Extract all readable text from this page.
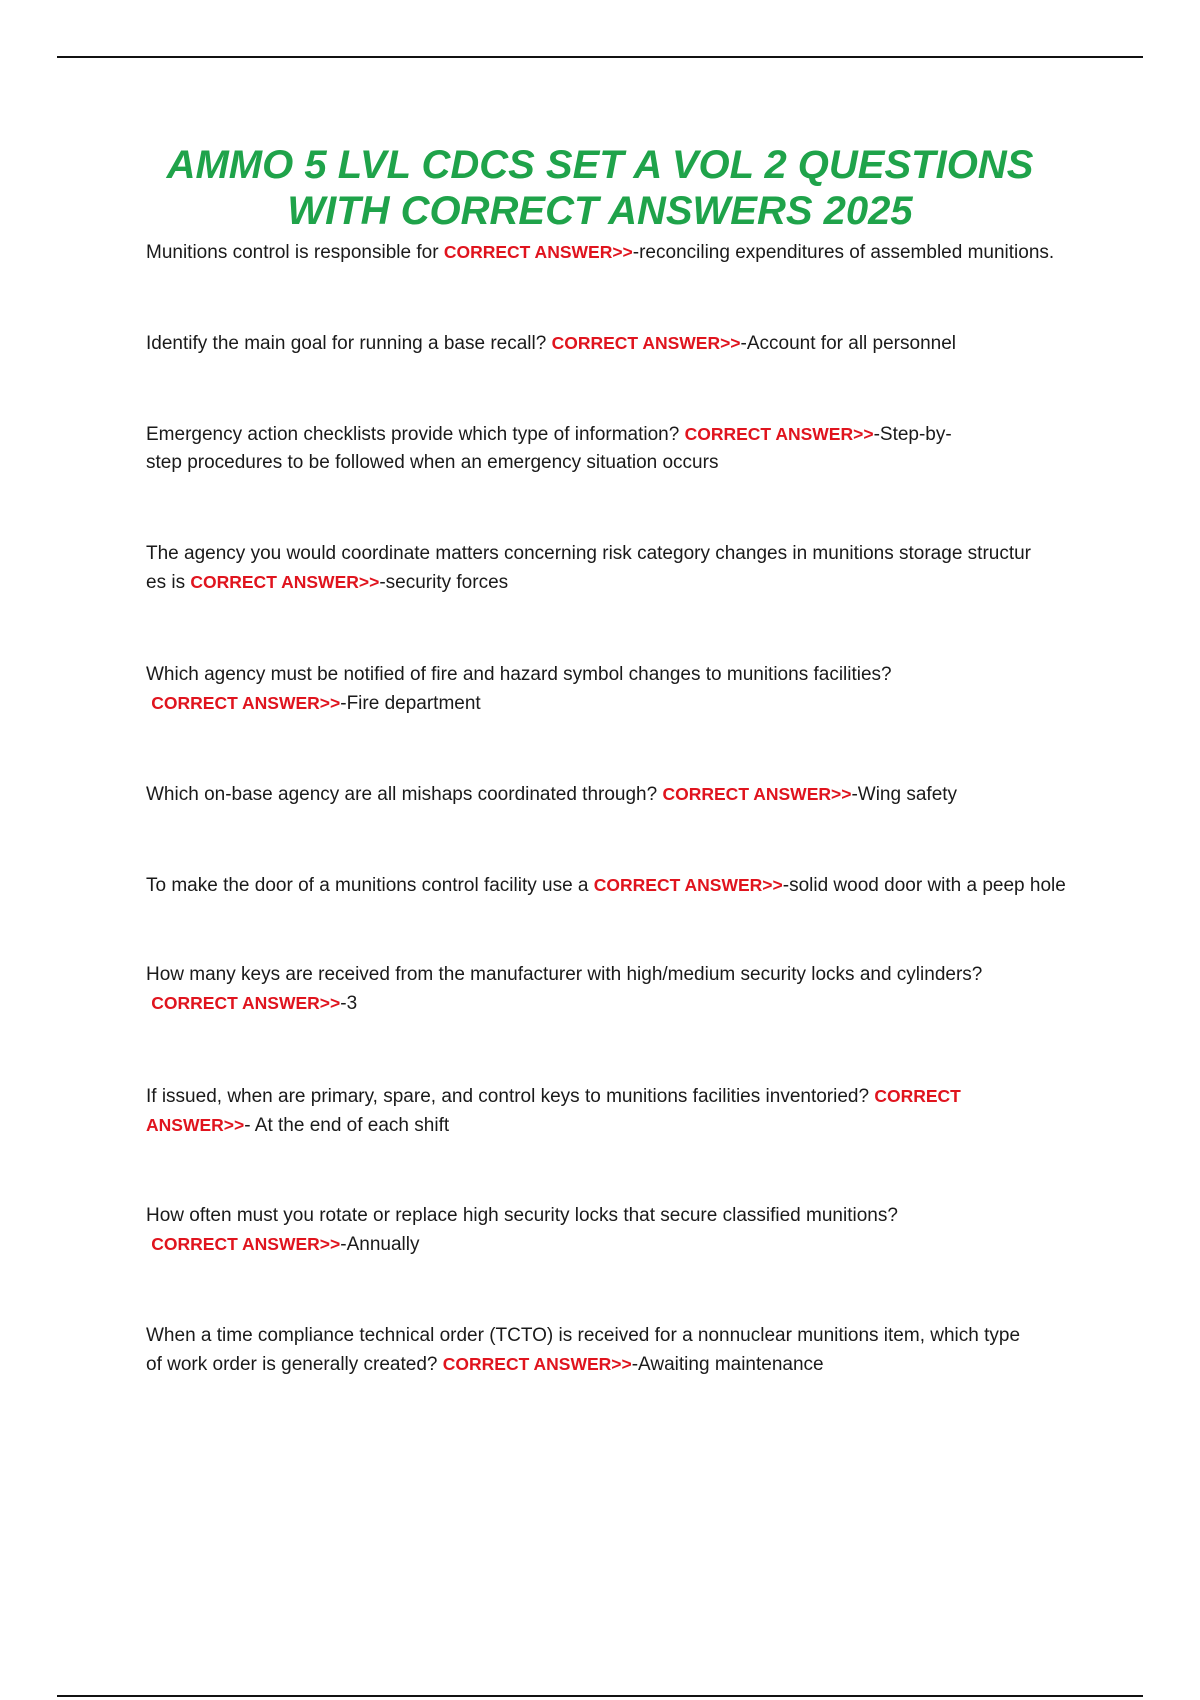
AMMO 5 LVL CDCS SET A VOL 2 QUESTIONS
WITH CORRECT ANSWERS 2025

Munitions control is responsible for CORRECT ANSWER>>-reconciling expenditures of assembled munitions.

Identify the main goal for running a base recall? CORRECT ANSWER>>-Account for all personnel

Emergency action checklists provide which type of information? CORRECT ANSWER>>-Step-by-
step procedures to be followed when an emergency situation occurs

The agency you would coordinate matters concerning risk category changes in munitions storage structur
es is CORRECT ANSWER>>-security forces

Which agency must be notified of fire and hazard symbol changes to munitions facilities?
CORRECT ANSWER>>-Fire department

Which on-base agency are all mishaps coordinated through? CORRECT ANSWER>>-Wing safety

To make the door of a munitions control facility use a CORRECT ANSWER>>-solid wood door with a peep hole

How many keys are received from the manufacturer with high/medium security locks and cylinders?
CORRECT ANSWER>>-3

If issued, when are primary, spare, and control keys to munitions facilities inventoried? CORRECT
ANSWER>>- At the end of each shift

How often must you rotate or replace high security locks that secure classified munitions?
CORRECT ANSWER>>-Annually

When a time compliance technical order (TCTO) is received for a nonnuclear munitions item, which type
of work order is generally created? CORRECT ANSWER>>-Awaiting maintenance
